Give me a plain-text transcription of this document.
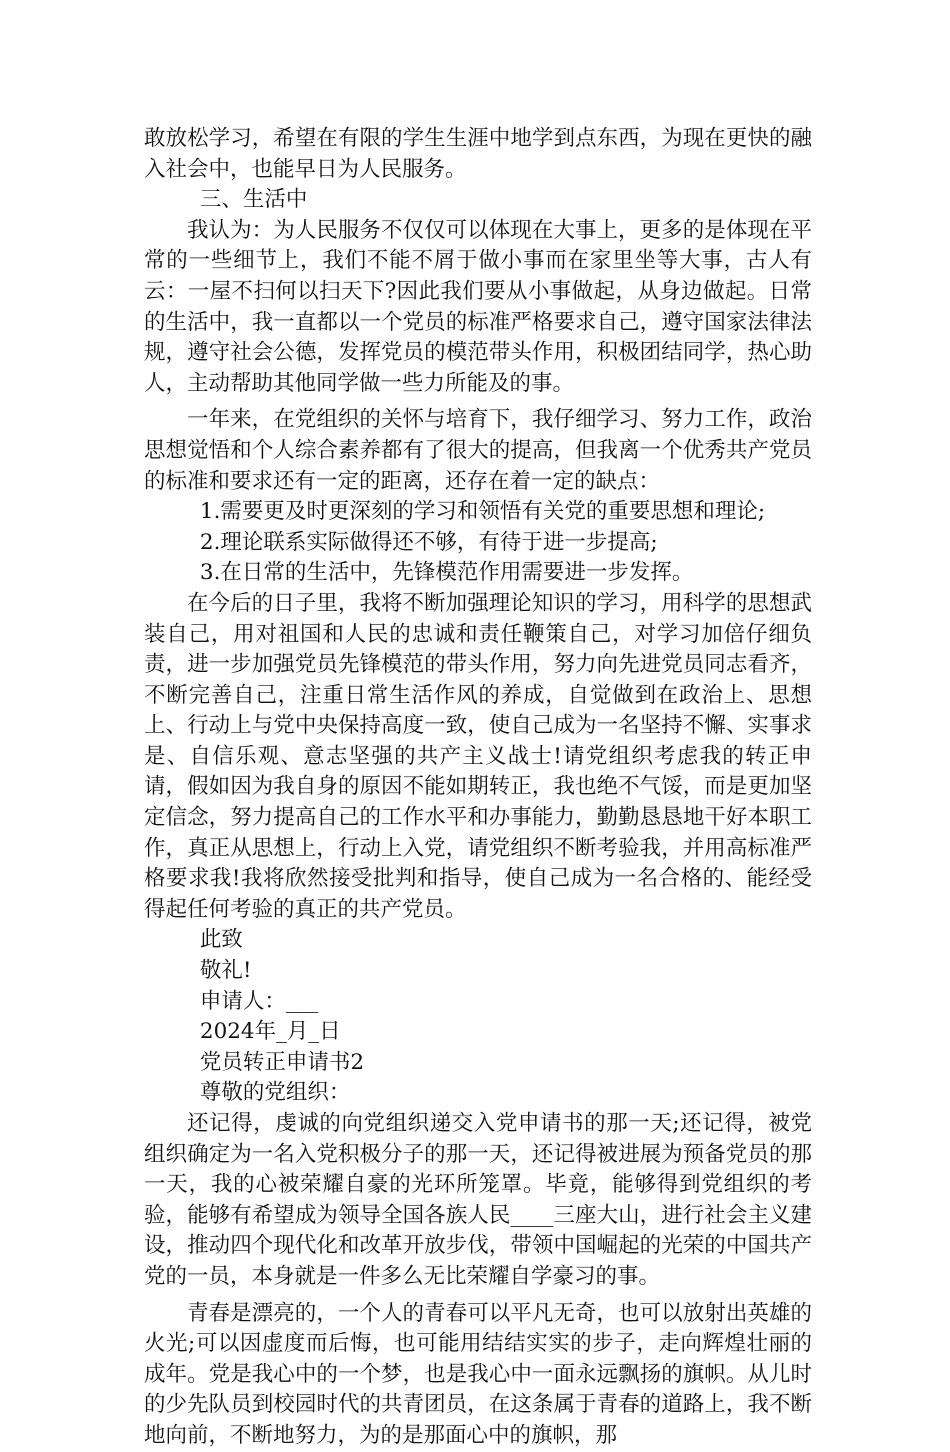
敢放松学习，希望在有限的学生生涯中地学到点东西，为现在更快的融入社会中，也能早日为人民服务。

三、生活中

我认为：为人民服务不仅仅可以体现在大事上，更多的是体现在平常的一些细节上，我们不能不屑于做小事而在家里坐等大事，古人有云：一屋不扫何以扫天下?因此我们要从小事做起，从身边做起。日常的生活中，我一直都以一个党员的标准严格要求自己，遵守国家法律法规，遵守社会公德，发挥党员的模范带头作用，积极团结同学，热心助人，主动帮助其他同学做一些力所能及的事。

一年来，在党组织的关怀与培育下，我仔细学习、努力工作，政治思想觉悟和个人综合素养都有了很大的提高，但我离一个优秀共产党员的标准和要求还有一定的距离，还存在着一定的缺点：

1.需要更及时更深刻的学习和领悟有关党的重要思想和理论;

2.理论联系实际做得还不够，有待于进一步提高;

3.在日常的生活中，先锋模范作用需要进一步发挥。

在今后的日子里，我将不断加强理论知识的学习，用科学的思想武装自己，用对祖国和人民的忠诚和责任鞭策自己，对学习加倍仔细负责，进一步加强党员先锋模范的带头作用，努力向先进党员同志看齐，不断完善自己，注重日常生活作风的养成，自觉做到在政治上、思想上、行动上与党中央保持高度一致，使自己成为一名坚持不懈、实事求是、自信乐观、意志坚强的共产主义战士!请党组织考虑我的转正申请，假如因为我自身的原因不能如期转正，我也绝不气馁，而是更加坚定信念，努力提高自己的工作水平和办事能力，勤勤恳恳地干好本职工作，真正从思想上，行动上入党，请党组织不断考验我，并用高标准严格要求我!我将欣然接受批判和指导，使自己成为一名合格的、能经受得起任何考验的真正的共产党员。

此致

敬礼!

申请人：___

2024年_月_日

党员转正申请书2

尊敬的党组织：

还记得，虔诚的向党组织递交入党申请书的那一天;还记得，被党组织确定为一名入党积极分子的那一天，还记得被进展为预备党员的那一天，我的心被荣耀自豪的光环所笼罩。毕竟，能够得到党组织的考验，能够有希望成为领导全国各族人民____三座大山，进行社会主义建设，推动四个现代化和改革开放步伐，带领中国崛起的光荣的中国共产党的一员，本身就是一件多么无比荣耀自学豪习的事。

青春是漂亮的，一个人的青春可以平凡无奇，也可以放射出英雄的火光;可以因虚度而后悔，也可能用结结实实的步子，走向辉煌壮丽的成年。党是我心中的一个梦，也是我心中一面永远飘扬的旗帜。从儿时的少先队员到校园时代的共青团员，在这条属于青春的道路上，我不断地向前，不断地努力，为的是那面心中的旗帜，那
